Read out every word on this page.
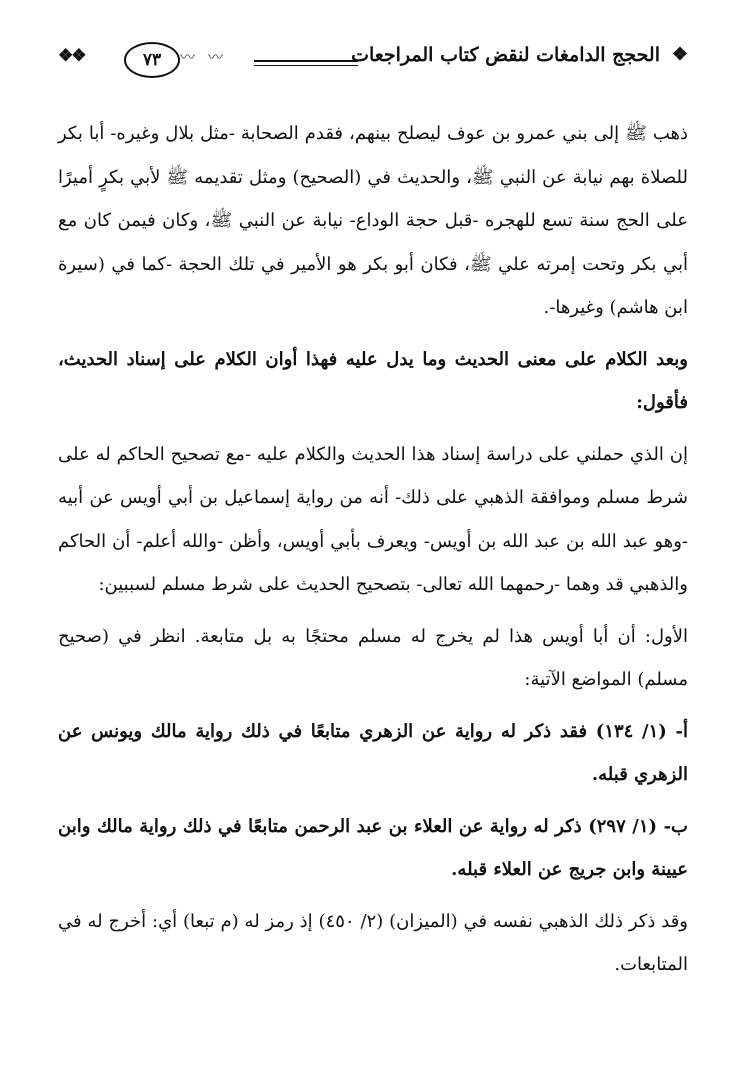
❖
الحجج الدامغات لنقض كتاب المراجعات
〰
〰
٧٣
❖❖

ذهب ﷺ إلى بني عمرو بن عوف ليصلح بينهم، فقدم الصحابة -مثل بلال وغيره- أبا بكر للصلاة بهم نيابة عن النبي ﷺ، والحديث في (الصحيح) ومثل تقديمه ﷺ لأبي بكرٍ أميرًا على الحج سنة تسع للهجره -قبل حجة الوداع- نيابة عن النبي ﷺ، وكان فيمن كان مع أبي بكر وتحت إمرته علي ﷺ، فكان أبو بكر هو الأمير في تلك الحجة -كما في (سيرة ابن هاشم) وغيرها-.

وبعد الكلام على معنى الحديث وما يدل عليه فهذا أوان الكلام على إسناد الحديث، فأقول:

إن الذي حملني على دراسة إسناد هذا الحديث والكلام عليه -مع تصحيح الحاكم له على شرط مسلم وموافقة الذهبي على ذلك- أنه من رواية إسماعيل بن أبي أويس عن أبيه -وهو عبد الله بن عبد الله بن أويس- ويعرف بأبي أويس، وأظن -والله أعلم- أن الحاكم والذهبي قد وهما -رحمهما الله تعالى- بتصحيح الحديث على شرط مسلم لسببين:

الأول: أن أبا أويس هذا لم يخرج له مسلم محتجًا به بل متابعة. انظر في (صحيح مسلم) المواضع الآتية:

أ- (١/ ١٣٤) فقد ذكر له رواية عن الزهري متابعًا في ذلك رواية مالك ويونس عن الزهري قبله.

ب- (١/ ٢٩٧) ذكر له رواية عن العلاء بن عبد الرحمن متابعًا في ذلك رواية مالك وابن عيينة وابن جريج عن العلاء قبله.

وقد ذكر ذلك الذهبي نفسه في (الميزان) (٢/ ٤٥٠) إذ رمز له (م تبعا) أي: أخرج له في المتابعات.
